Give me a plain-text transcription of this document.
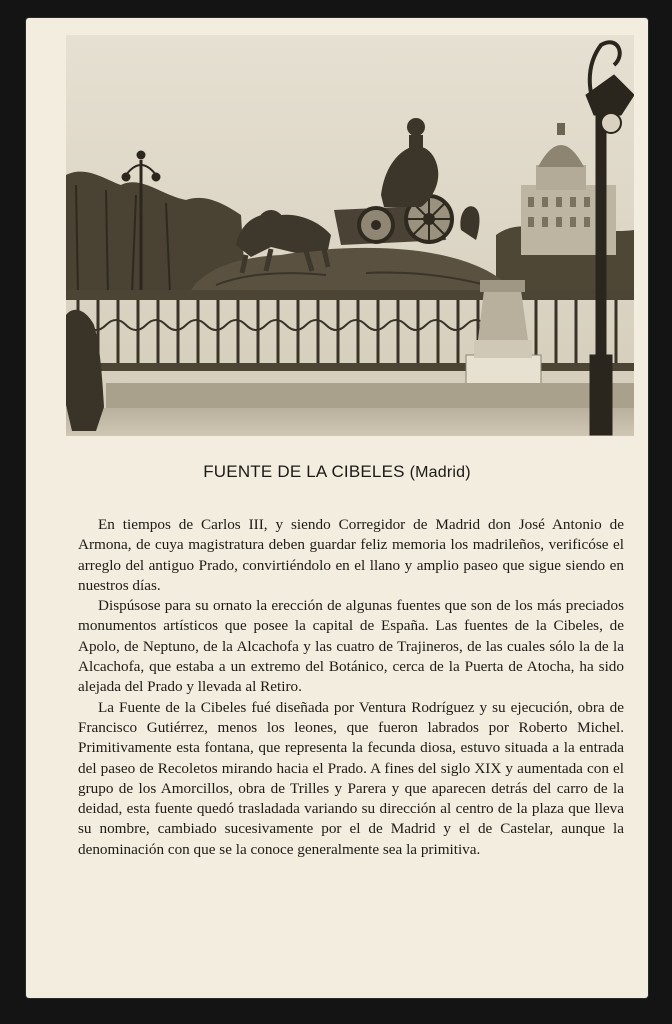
FUENTE DE LA CIBELES (Madrid)

En tiempos de Carlos III, y siendo Corregidor de Madrid don José Antonio de Armona, de cuya magistratura deben guardar feliz memoria los madrileños, verificóse el arreglo del antiguo Prado, convirtiéndolo en el llano y amplio paseo que sigue siendo en nuestros días.

Dispúsose para su ornato la erección de algunas fuentes que son de los más preciados monumentos artísticos que posee la capital de España. Las fuentes de la Cibeles, de Apolo, de Neptuno, de la Alcachofa y las cuatro de Trajineros, de las cuales sólo la de la Alcachofa, que estaba a un extremo del Botánico, cerca de la Puerta de Atocha, ha sido alejada del Prado y llevada al Retiro.

La Fuente de la Cibeles fué diseñada por Ventura Rodríguez y su ejecución, obra de Francisco Gutiérrez, menos los leones, que fueron labrados por Roberto Michel. Primitivamente esta fontana, que representa la fecunda diosa, estuvo situada a la entrada del paseo de Recoletos mirando hacia el Prado. A fines del siglo XIX y aumentada con el grupo de los Amorcillos, obra de Trilles y Parera y que aparecen detrás del carro de la deidad, esta fuente quedó trasladada variando su dirección al centro de la plaza que lleva su nombre, cambiado sucesivamente por el de Madrid y el de Castelar, aunque la denominación con que se la conoce generalmente sea la primitiva.
